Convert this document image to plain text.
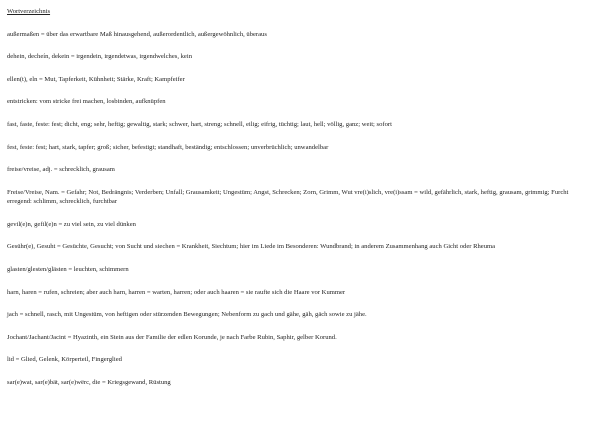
Wortverzeichnis
außermaßen = über das erwartbare Maß hinausgehend, außerordentlich, außergewöhnlich, überaus
dehein, decheín, dekein = irgendein, irgendetwas, irgendwelches, kein
ellen(t), eln = Mut, Tapferkeit, Kühnheit; Stärke, Kraft; Kampfeifer
entstricken: vom stricke frei machen, losbinden, aufknüpfen
fast, faste, feste: fest; dicht, eng; sehr, heftig; gewaltig, stark; schwer, hart, streng; schnell, eilig; eifrig, tüchtig; laut, hell; völlig, ganz; weit; sofort
fest, feste: fest; hart, stark, tapfer; groß; sicher, befestigt; standhaft, beständig; entschlossen; unverbrüchlich; unwandelbar
freise/vreise, adj. = schrecklich, grausam
Freise/Vreise, Nam. = Gefahr; Not, Bedrängnis; Verderben; Unfall; Grausamkeit; Ungestüm; Angst, Schrecken; Zorn, Grimm, Wut vre(i)slich, vre(i)ssam = wild, gefährlich, stark, heftig, grausam, grimmig; Furcht erregend: schlimm, schrecklich, furchtbar
gevil(e)n, gefil(e)n = zu viel sein, zu viel dünken
Gesühr(e), Gesuht = Gesüchte, Gesucht; von Sucht und siechen = Krankheit, Siechtum; hier im Liede im Besonderen: Wundbrand; in anderem Zusammenhang auch Gicht oder Rheuma
glasten/glesten/glästen = leuchten, schimmern
harn, haren = rufen, schreien; aber auch harn, harren = warten, harren; oder auch haaren = sie raufte sich die Haare vor Kummer
jach = schnell, rasch, mit Ungestüm, von heftigen oder stürzenden Bewegungen; Nebenform zu gach und gähe, gäh, gäch sowie zu jähe.
Jochant/Jachant/Jacint = Hyazinth, ein Stein aus der Familie der edlen Korunde, je nach Farbe Rubin, Saphir, gelber Korund.
lid = Glied, Gelenk, Körperteil, Fingerglied
sar(e)wat, sar(e)bät, sar(e)wërc, die = Kriegsgewand, Rüstung
